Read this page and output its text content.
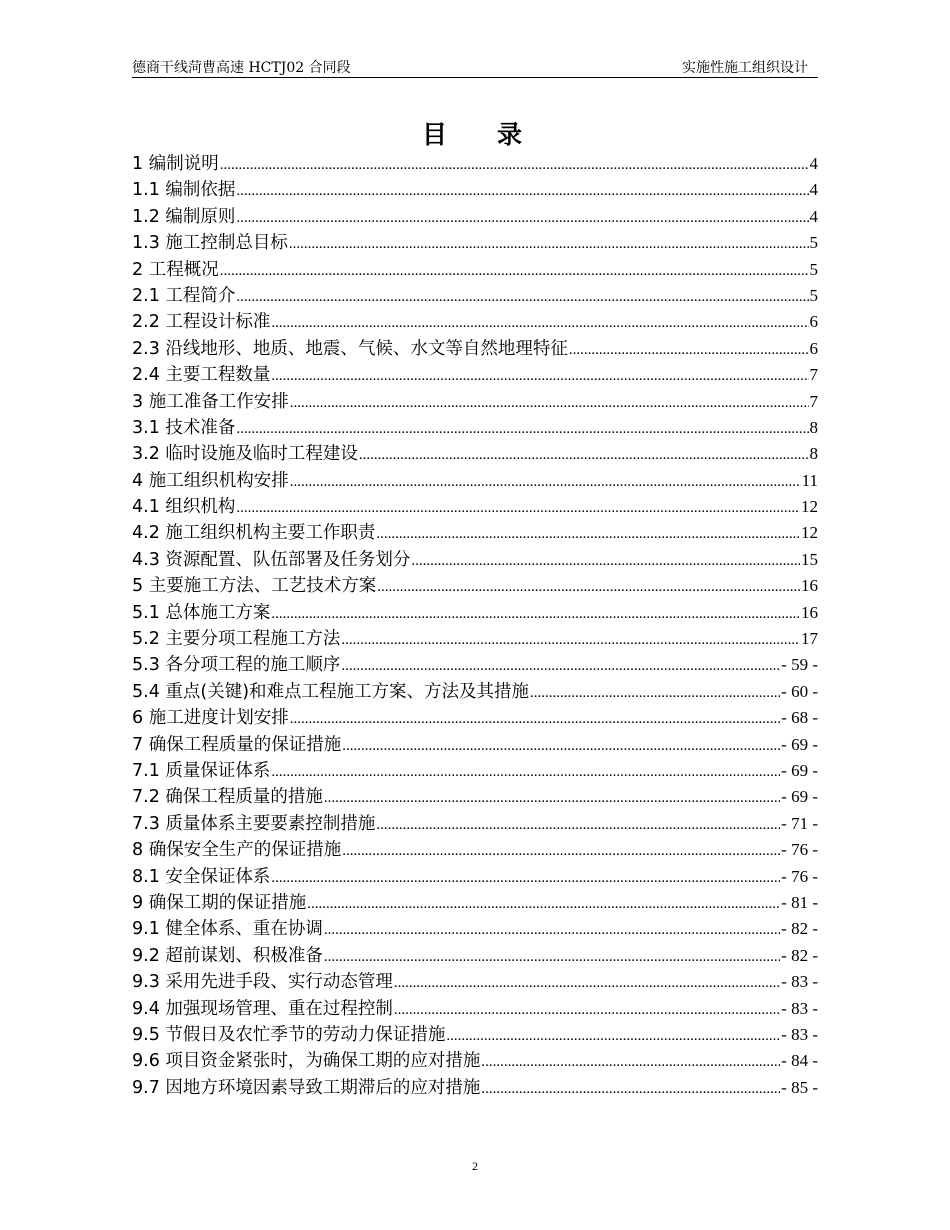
德商干线菏曹高速 HCTJ02 合同段	实施性施工组织设计
目录
1 编制说明 .....	4
1.1 编制依据 .....	4
1.2 编制原则 .....	4
1.3 施工控制总目标 .....	5
2 工程概况 .....	5
2.1 工程简介 .....	5
2.2 工程设计标准 .....	6
2.3 沿线地形、地质、地震、气候、水文等自然地理特征 .....	6
2.4 主要工程数量 .....	7
3 施工准备工作安排 .....	7
3.1 技术准备 .....	8
3.2 临时设施及临时工程建设 .....	8
4 施工组织机构安排 .....	11
4.1 组织机构 .....	12
4.2 施工组织机构主要工作职责 .....	12
4.3 资源配置、队伍部署及任务划分 .....	15
5 主要施工方法、工艺技术方案 .....	16
5.1 总体施工方案 .....	16
5.2 主要分项工程施工方法 .....	17
5.3 各分项工程的施工顺序 .....	- 59 -
5.4 重点(关键)和难点工程施工方案、方法及其措施 .....	- 60 -
6 施工进度计划安排 .....	- 68 -
7 确保工程质量的保证措施 .....	- 69 -
7.1 质量保证体系 .....	- 69 -
7.2 确保工程质量的措施 .....	- 69 -
7.3 质量体系主要要素控制措施 .....	- 71 -
8 确保安全生产的保证措施 .....	- 76 -
8.1 安全保证体系 .....	- 76 -
9 确保工期的保证措施 .....	- 81 -
9.1 健全体系、重在协调 .....	- 82 -
9.2 超前谋划、积极准备 .....	- 82 -
9.3 采用先进手段、实行动态管理 .....	- 83 -
9.4 加强现场管理、重在过程控制 .....	- 83 -
9.5 节假日及农忙季节的劳动力保证措施 .....	- 83 -
9.6 项目资金紧张时，为确保工期的应对措施 .....	- 84 -
9.7 因地方环境因素导致工期滞后的应对措施 .....	- 85 -
2
